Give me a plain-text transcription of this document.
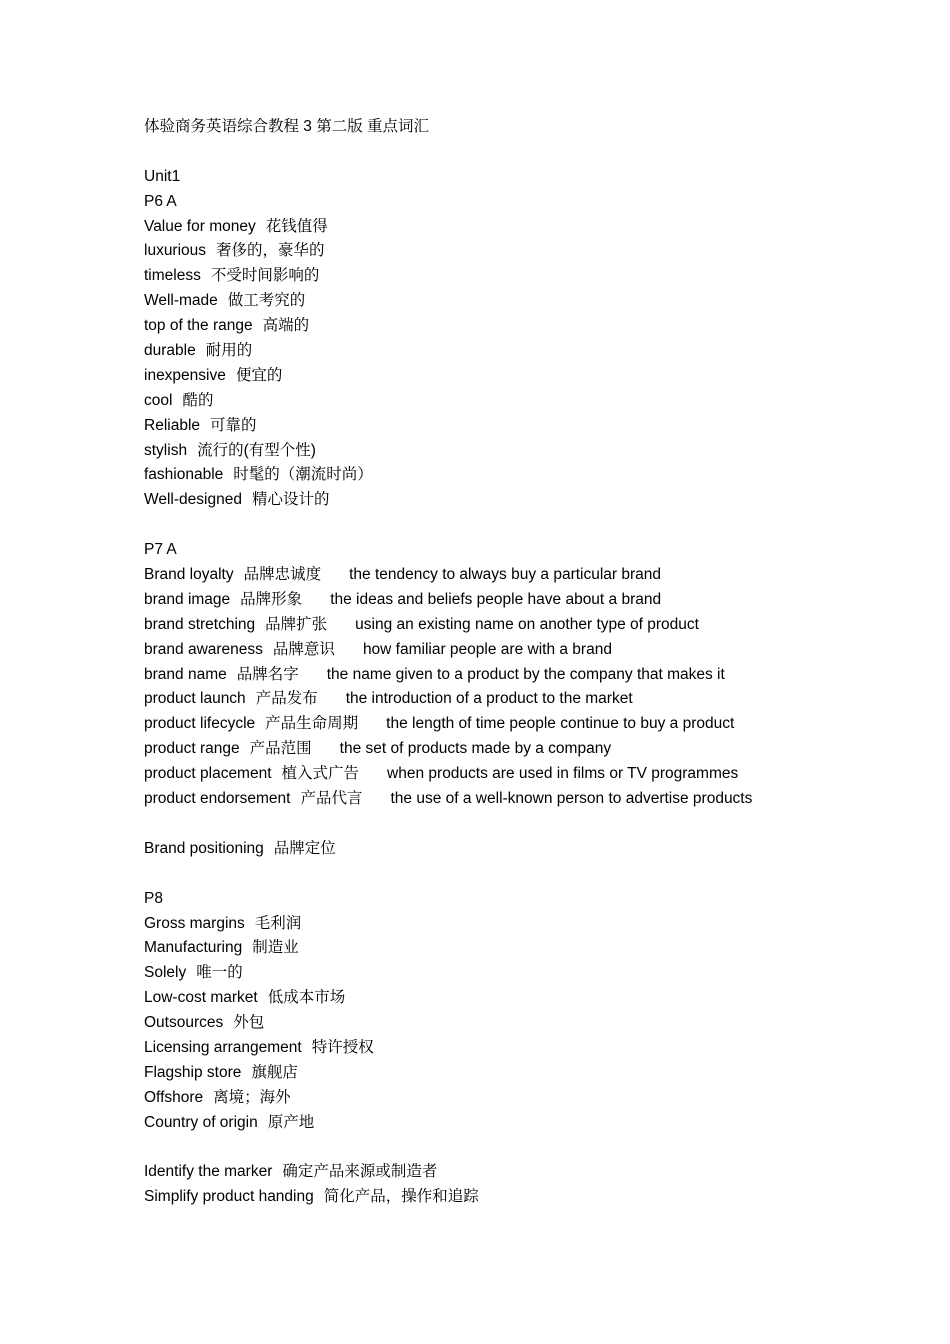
体验商务英语综合教程 3 第二版 重点词汇
Unit1
P6 A
Value for money 花钱值得
luxurious 奢侈的，豪华的
timeless 不受时间影响的
Well-made 做工考究的
top of the range 高端的
durable 耐用的
inexpensive 便宜的
cool 酷的
Reliable 可靠的
stylish 流行的(有型个性)
fashionable 时髦的（潮流时尚）
Well-designed 精心设计的
P7 A
Brand loyalty 品牌忠诚度 the tendency to always buy a particular brand
brand image 品牌形象 the ideas and beliefs people have about a brand
brand stretching 品牌扩张 using an existing name on another type of product
brand awareness 品牌意识 how familiar people are with a brand
brand name 品牌名字 the name given to a product by the company that makes it
product launch 产品发布 the introduction of a product to the market
product lifecycle 产品生命周期 the length of time people continue to buy a product
product range 产品范围 the set of products made by a company
product placement 植入式广告 when products are used in films or TV programmes
product endorsement 产品代言 the use of a well-known person to advertise products
Brand positioning 品牌定位
P8
Gross margins 毛利润
Manufacturing 制造业
Solely 唯一的
Low-cost market 低成本市场
Outsources 外包
Licensing arrangement 特许授权
Flagship store 旗舰店
Offshore 离境；海外
Country of origin 原产地
Identify the marker 确定产品来源或制造者
Simplify product handing 简化产品，操作和追踪
